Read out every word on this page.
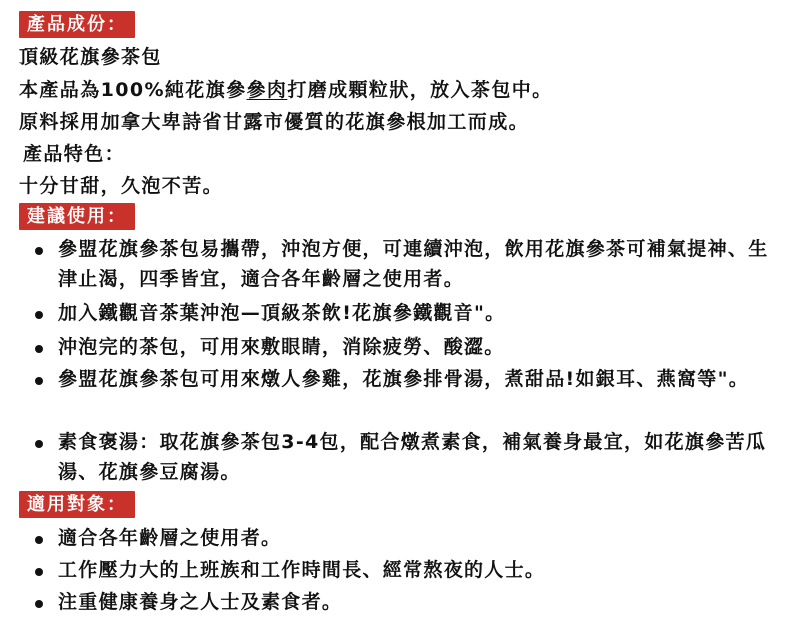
產品成份：
頂級花旗參茶包
本產品為100%純花旗參參肉打磨成顆粒狀，放入茶包中。
原料採用加拿大卑詩省甘露市優質的花旗參根加工而成。
產品特色：
十分甘甜，久泡不苦。
建議使用：
參盟花旗參茶包易攜帶，沖泡方便，可連續沖泡，飲用花旗參茶可補氣提神、生津止渴，四季皆宜，適合各年齡層之使用者。
加入鐵觀音茶葉沖泡—頂級茶飲!花旗參鐵觀音"。
沖泡完的茶包，可用來敷眼睛，消除疲勞、酸澀。
參盟花旗參茶包可用來燉人參雞，花旗參排骨湯，煮甜品!如銀耳、燕窩等"。
素食褒湯：取花旗參茶包3-4包，配合燉煮素食，補氣養身最宜，如花旗參苦瓜湯、花旗參豆腐湯。
適用對象：
適合各年齡層之使用者。
工作壓力大的上班族和工作時間長、經常熬夜的人士。
注重健康養身之人士及素食者。
